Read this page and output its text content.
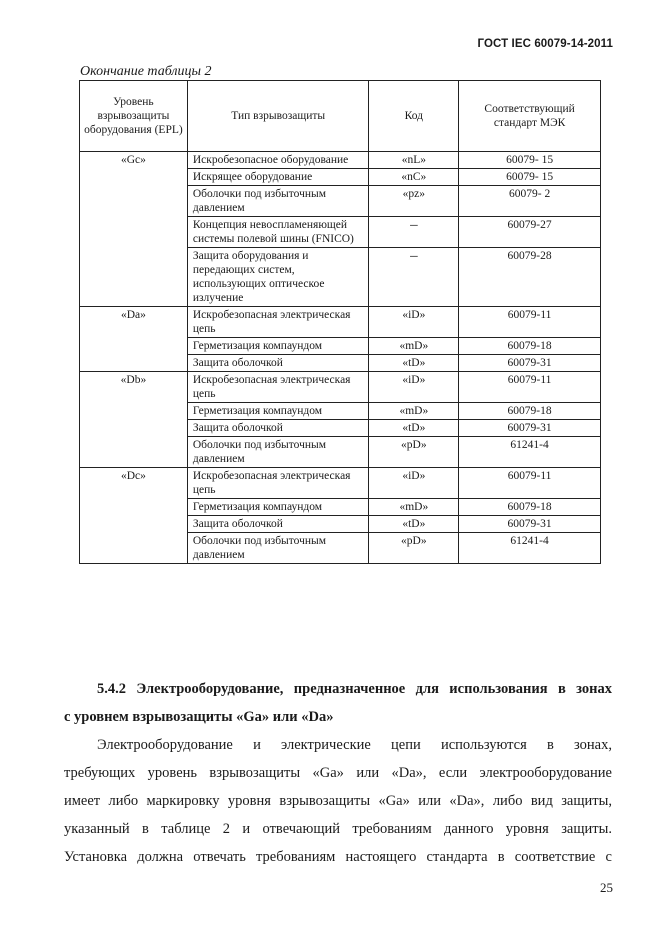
ГОСТ IEC 60079-14-2011
Окончание таблицы 2
Уровень взрывозащиты оборудования (EPL)	Тип взрывозащиты	Код	Соответствующий стандарт МЭК
«Gc»	Искробезопасное оборудование	«nL»	60079- 15
	Искрящее оборудование	«nC»	60079- 15
	Оболочки под избыточным давлением	«pz»	60079- 2
	Концепция невоспламеняющей системы полевой шины (FNICO)	–	60079-27
	Защита оборудования и передающих систем, использующих оптическое излучение	–	60079-28
«Da»	Искробезопасная электрическая цепь	«iD»	60079-11
	Герметизация компаундом	«mD»	60079-18
	Защита оболочкой	«tD»	60079-31
«Db»	Искробезопасная электрическая цепь	«iD»	60079-11
	Герметизация компаундом	«mD»	60079-18
	Защита оболочкой	«tD»	60079-31
	Оболочки под избыточным давлением	«pD»	61241-4
«Dc»	Искробезопасная электрическая цепь	«iD»	60079-11
	Герметизация компаундом	«mD»	60079-18
	Защита оболочкой	«tD»	60079-31
	Оболочки под избыточным давлением	«pD»	61241-4
5.4.2 Электрооборудование, предназначенное для использования в зонах
с уровнем взрывозащиты «Ga» или «Da»
Электрооборудование и электрические цепи используются в зонах,
требующих уровень взрывозащиты «Ga» или «Da», если электрооборудование
имеет либо маркировку уровня взрывозащиты «Ga» или «Da», либо вид защиты,
указанный в таблице 2 и отвечающий требованиям данного уровня защиты.
Установка должна отвечать требованиям настоящего стандарта в соответствие с
25
